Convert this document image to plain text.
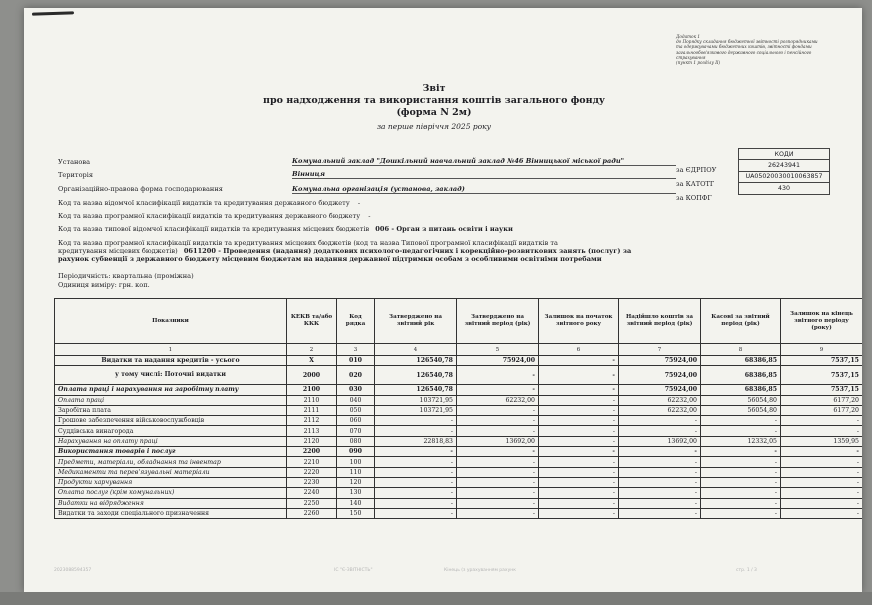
Додаток 1
до Порядку складання бюджетної звітності розпорядниками
та одержувачами бюджетних коштів, звітності фондами
загальнообов'язкового державного соціального і пенсійного
страхування
(пункт 1 розділу II)
Звіт
про надходження та використання коштів загального фонду
(форма N 2м)
за перше півріччя 2025 року
Установа	Комунальний заклад "Дошкільний навчальний заклад №46 Вінницької міської ради"
Територія	Вінниця
Організаційно-правова форма господарювання	Комунальна організація (установа, заклад)
за ЄДРПОУ
за КАТОТГ
за КОПФГ
КОДИ
26243941
UA05020030010063857
430
Код та назва відомчої класифікації видатків та кредитування державного бюджету -
Код та назва програмної класифікації видатків та кредитування державного бюджету -
Код та назва типової відомчої класифікації видатків та кредитування місцевих бюджетів 006 - Орган з питань освіти і науки
Код та назва програмної класифікації видатків та кредитування місцевих бюджетів (код та назва Типової програмної класифікації видатків та
кредитування місцевих бюджетів) 0611200 - Проведення (надання) додаткових психолого-педагогічних і корекційно-розвиткових занять (послуг) за
рахунок субвенції з державного бюджету місцевим бюджетам на надання державної підтримки особам з особливими освітніми потребами
Періодичність: квартальна (проміжна)
Одиниця виміру: грн. коп.
Показники	КЕКВ та/або ККК	Код рядка	Затверджено на звітний рік	Затверджено на звітний період (рік)	Залишок на початок звітного року	Надійшло коштів за звітний період (рік)	Касові за звітний період (рік)	Залишок на кінець звітного періоду (року)
1	2	3	4	5	6	7	8	9
Видатки та надання кредитів - усього	X	010	126540,78	75924,00	-	75924,00	68386,85	7537,15
у тому числі: Поточні видатки	2000	020	126540,78	-	-	75924,00	68386,85	7537,15
Оплата праці і нарахування на заробітну плату	2100	030	126540,78	-	-	75924,00	68386,85	7537,15
Оплата праці	2110	040	103721,95	62232,00	-	62232,00	56054,80	6177,20
Заробітна плата	2111	050	103721,95	-	-	62232,00	56054,80	6177,20
Грошове забезпечення військовослужбовців	2112	060	-	-	-	-	-	-
Суддівська винагорода	2113	070	-	-	-	-	-	-
Нарахування на оплату праці	2120	080	22818,83	13692,00	-	13692,00	12332,05	1359,95
Використання товарів і послуг	2200	090	-	-	-	-	-	-
Предмети, матеріали, обладнання та інвентар	2210	100	-	-	-	-	-	-
Медикаменти та перев'язувальні матеріали	2220	110	-	-	-	-	-	-
Продукти харчування	2230	120	-	-	-	-	-	-
Оплата послуг (крім комунальних)	2240	130	-	-	-	-	-	-
Видатки на відрядження	2250	140	-	-	-	-	-	-
Видатки та заходи спеціального призначення	2260	150	-	-	-	-	-	-
2023088594357	ІС "Є-ЗВІТНІСТЬ"	Кінець (з урахуванням рахунк	стр. 1 / 3
